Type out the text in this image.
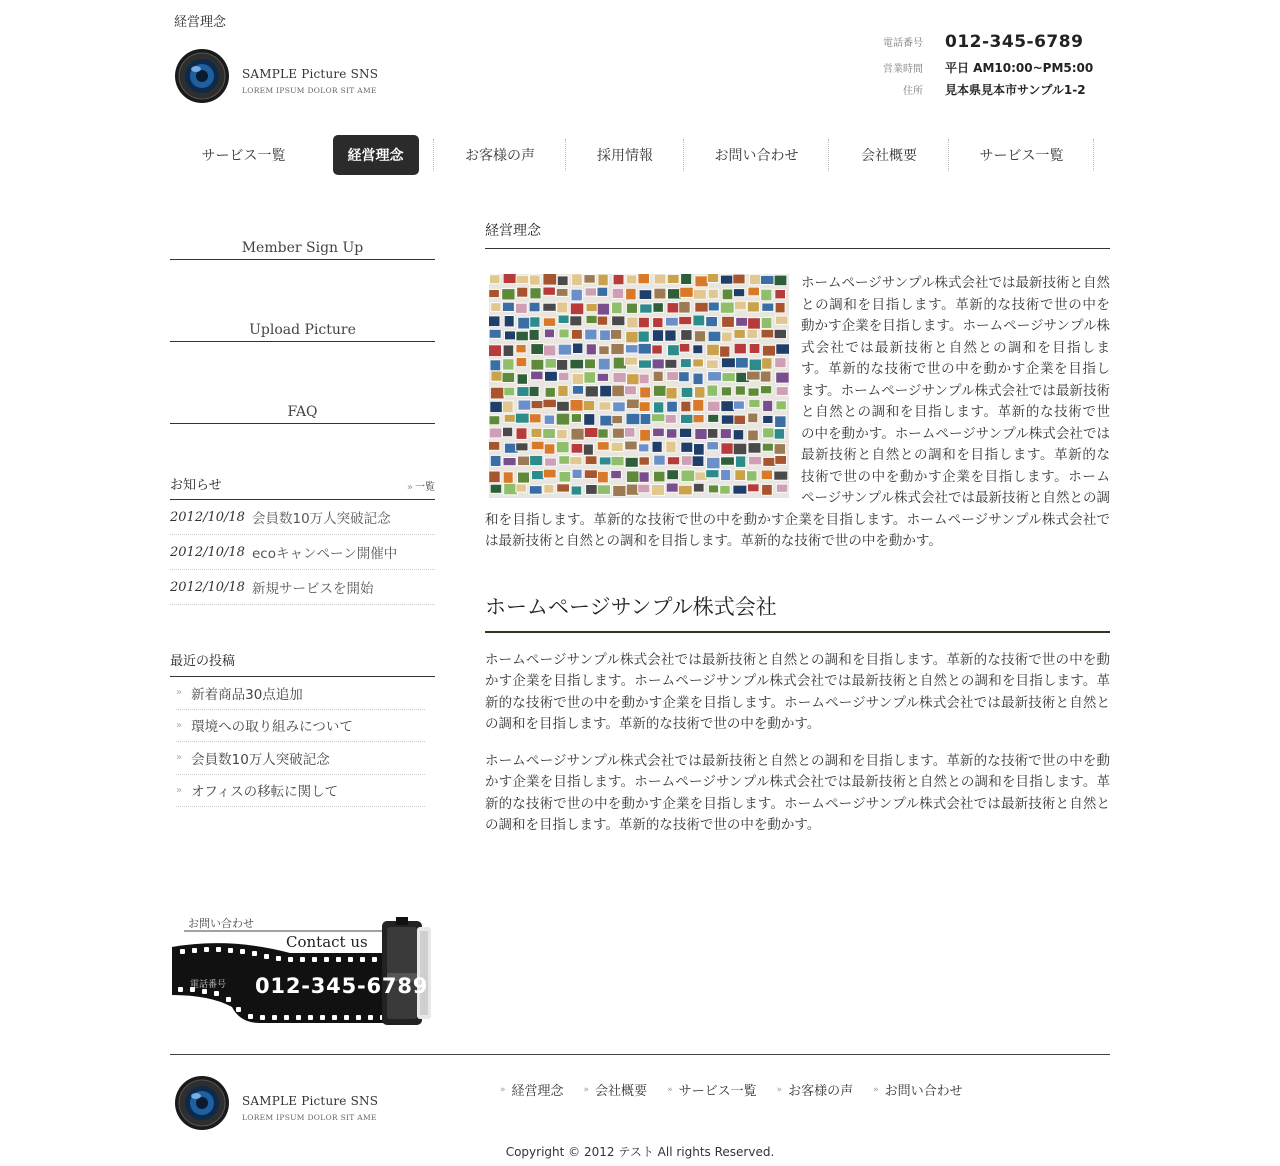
経営理念
SAMPLE Picture SNS
LOREM IPSUM DOLOR SIT AME
電話番号	012-345-6789
営業時間	平日 AM10:00~PM5:00
住所	見本県見本市サンプル1-2
サービス一覧	経営理念	お客様の声	採用情報	お問い合わせ	会社概要	サービス一覧
Member Sign Up
Upload Picture
FAQ
お知らせ	» 一覧
2012/10/18 会員数10万人突破記念
2012/10/18 ecoキャンペーン開催中
2012/10/18 新規サービスを開始
最近の投稿
» 新着商品30点追加
» 環境への取り組みについて
» 会員数10万人突破記念
» オフィスの移転に関して
お問い合わせ
Contact us
電話番号 012-345-6789
経営理念

ホームページサンプル株式会社では最新技術と自然との調和を目指します。革新的な技術で世の中を動かす企業を目指します。ホームページサンプル株式会社では最新技術と自然との調和を目指します。革新的な技術で世の中を動かす企業を目指します。ホームページサンプル株式会社では最新技術と自然との調和を目指します。革新的な技術で世の中を動かす。ホームページサンプル株式会社では最新技術と自然との調和を目指します。革新的な技術で世の中を動かす企業を目指します。ホームページサンプル株式会社では最新技術と自然との調和を目指します。革新的な技術で世の中を動かす企業を目指します。ホームページサンプル株式会社では最新技術と自然との調和を目指します。革新的な技術で世の中を動かす。

ホームページサンプル株式会社

ホームページサンプル株式会社では最新技術と自然との調和を目指します。革新的な技術で世の中を動かす企業を目指します。ホームページサンプル株式会社では最新技術と自然との調和を目指します。革新的な技術で世の中を動かす企業を目指します。ホームページサンプル株式会社では最新技術と自然との調和を目指します。革新的な技術で世の中を動かす。

ホームページサンプル株式会社では最新技術と自然との調和を目指します。革新的な技術で世の中を動かす企業を目指します。ホームページサンプル株式会社では最新技術と自然との調和を目指します。革新的な技術で世の中を動かす企業を目指します。ホームページサンプル株式会社では最新技術と自然との調和を目指します。革新的な技術で世の中を動かす。

SAMPLE Picture SNS
LOREM IPSUM DOLOR SIT AME
» 経営理念 » 会社概要 » サービス一覧 » お客様の声 » お問い合わせ
Copyright © 2012 テスト All rights Reserved.
